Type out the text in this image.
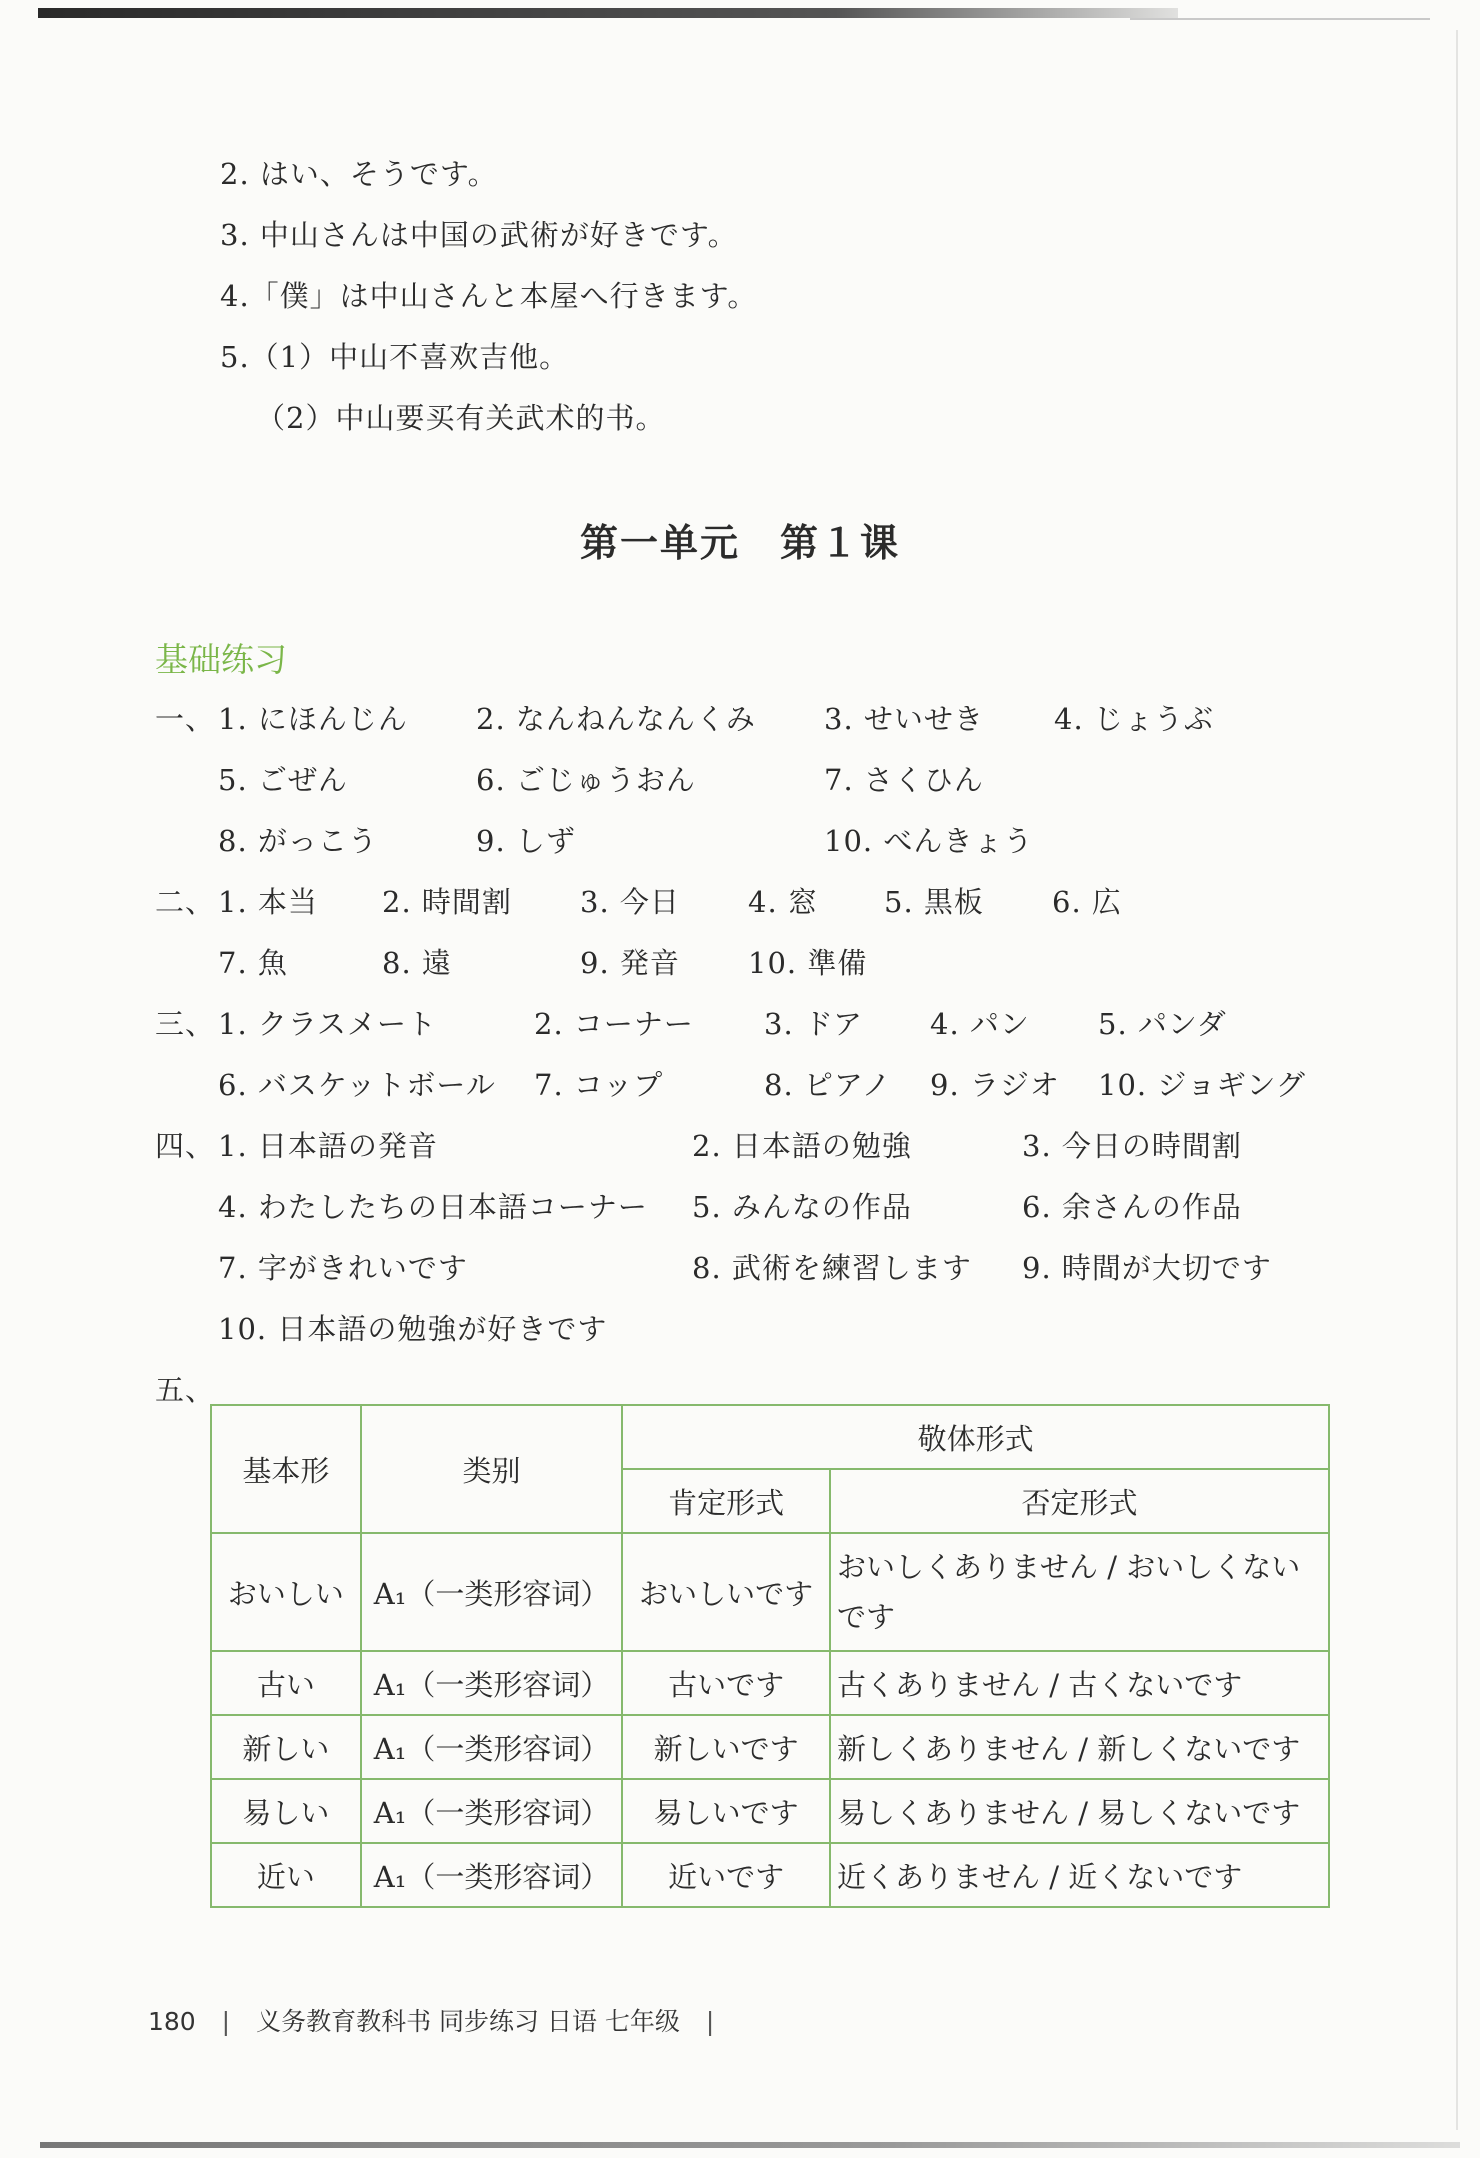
2. はい、そうです。
3. 中山さんは中国の武術が好きです。
4.「僕」は中山さんと本屋へ行きます。
5.（1）中山不喜欢吉他。
（2）中山要买有关武术的书。
第一单元　第１课
基础练习
一、 1. にほんじん 2. なんねんなんくみ 3. せいせき 4. じょうぶ
5. ごぜん	6. ごじゅうおん	7. さくひん
8. がっこう	9. しず	10. べんきょう
二、 1. 本当 2. 時間割 3. 今日 4. 窓 5. 黒板 6. 広
7. 魚	8. 遠	9. 発音 10. 準備
三、 1. クラスメート	2. コーナー 3. ドア 4. パン 5. パンダ
6. バスケットボール 7. コップ	8. ピアノ 9. ラジオ 10. ジョギング
四、 1. 日本語の発音	2. 日本語の勉強	3. 今日の時間割
4. わたしたちの日本語コーナー 5. みんなの作品	6. 余さんの作品
7. 字がきれいです	8. 武術を練習します 9. 時間が大切です
10. 日本語の勉強が好きです
五、
基本形	类别	敬体形式	
		肯定形式	否定形式
おいしい	A₁（一类形容词）	おいしいです	おいしくありません / おいしくないです
古い	A₁（一类形容词）	古いです	古くありません / 古くないです
新しい	A₁（一类形容词）	新しいです	新しくありません / 新しくないです
易しい	A₁（一类形容词）	易しいです	易しくありません / 易しくないです
近い	A₁（一类形容词）	近いです	近くありません / 近くないです
180 | 义务教育教科书 同步练习 日语 七年级 |
